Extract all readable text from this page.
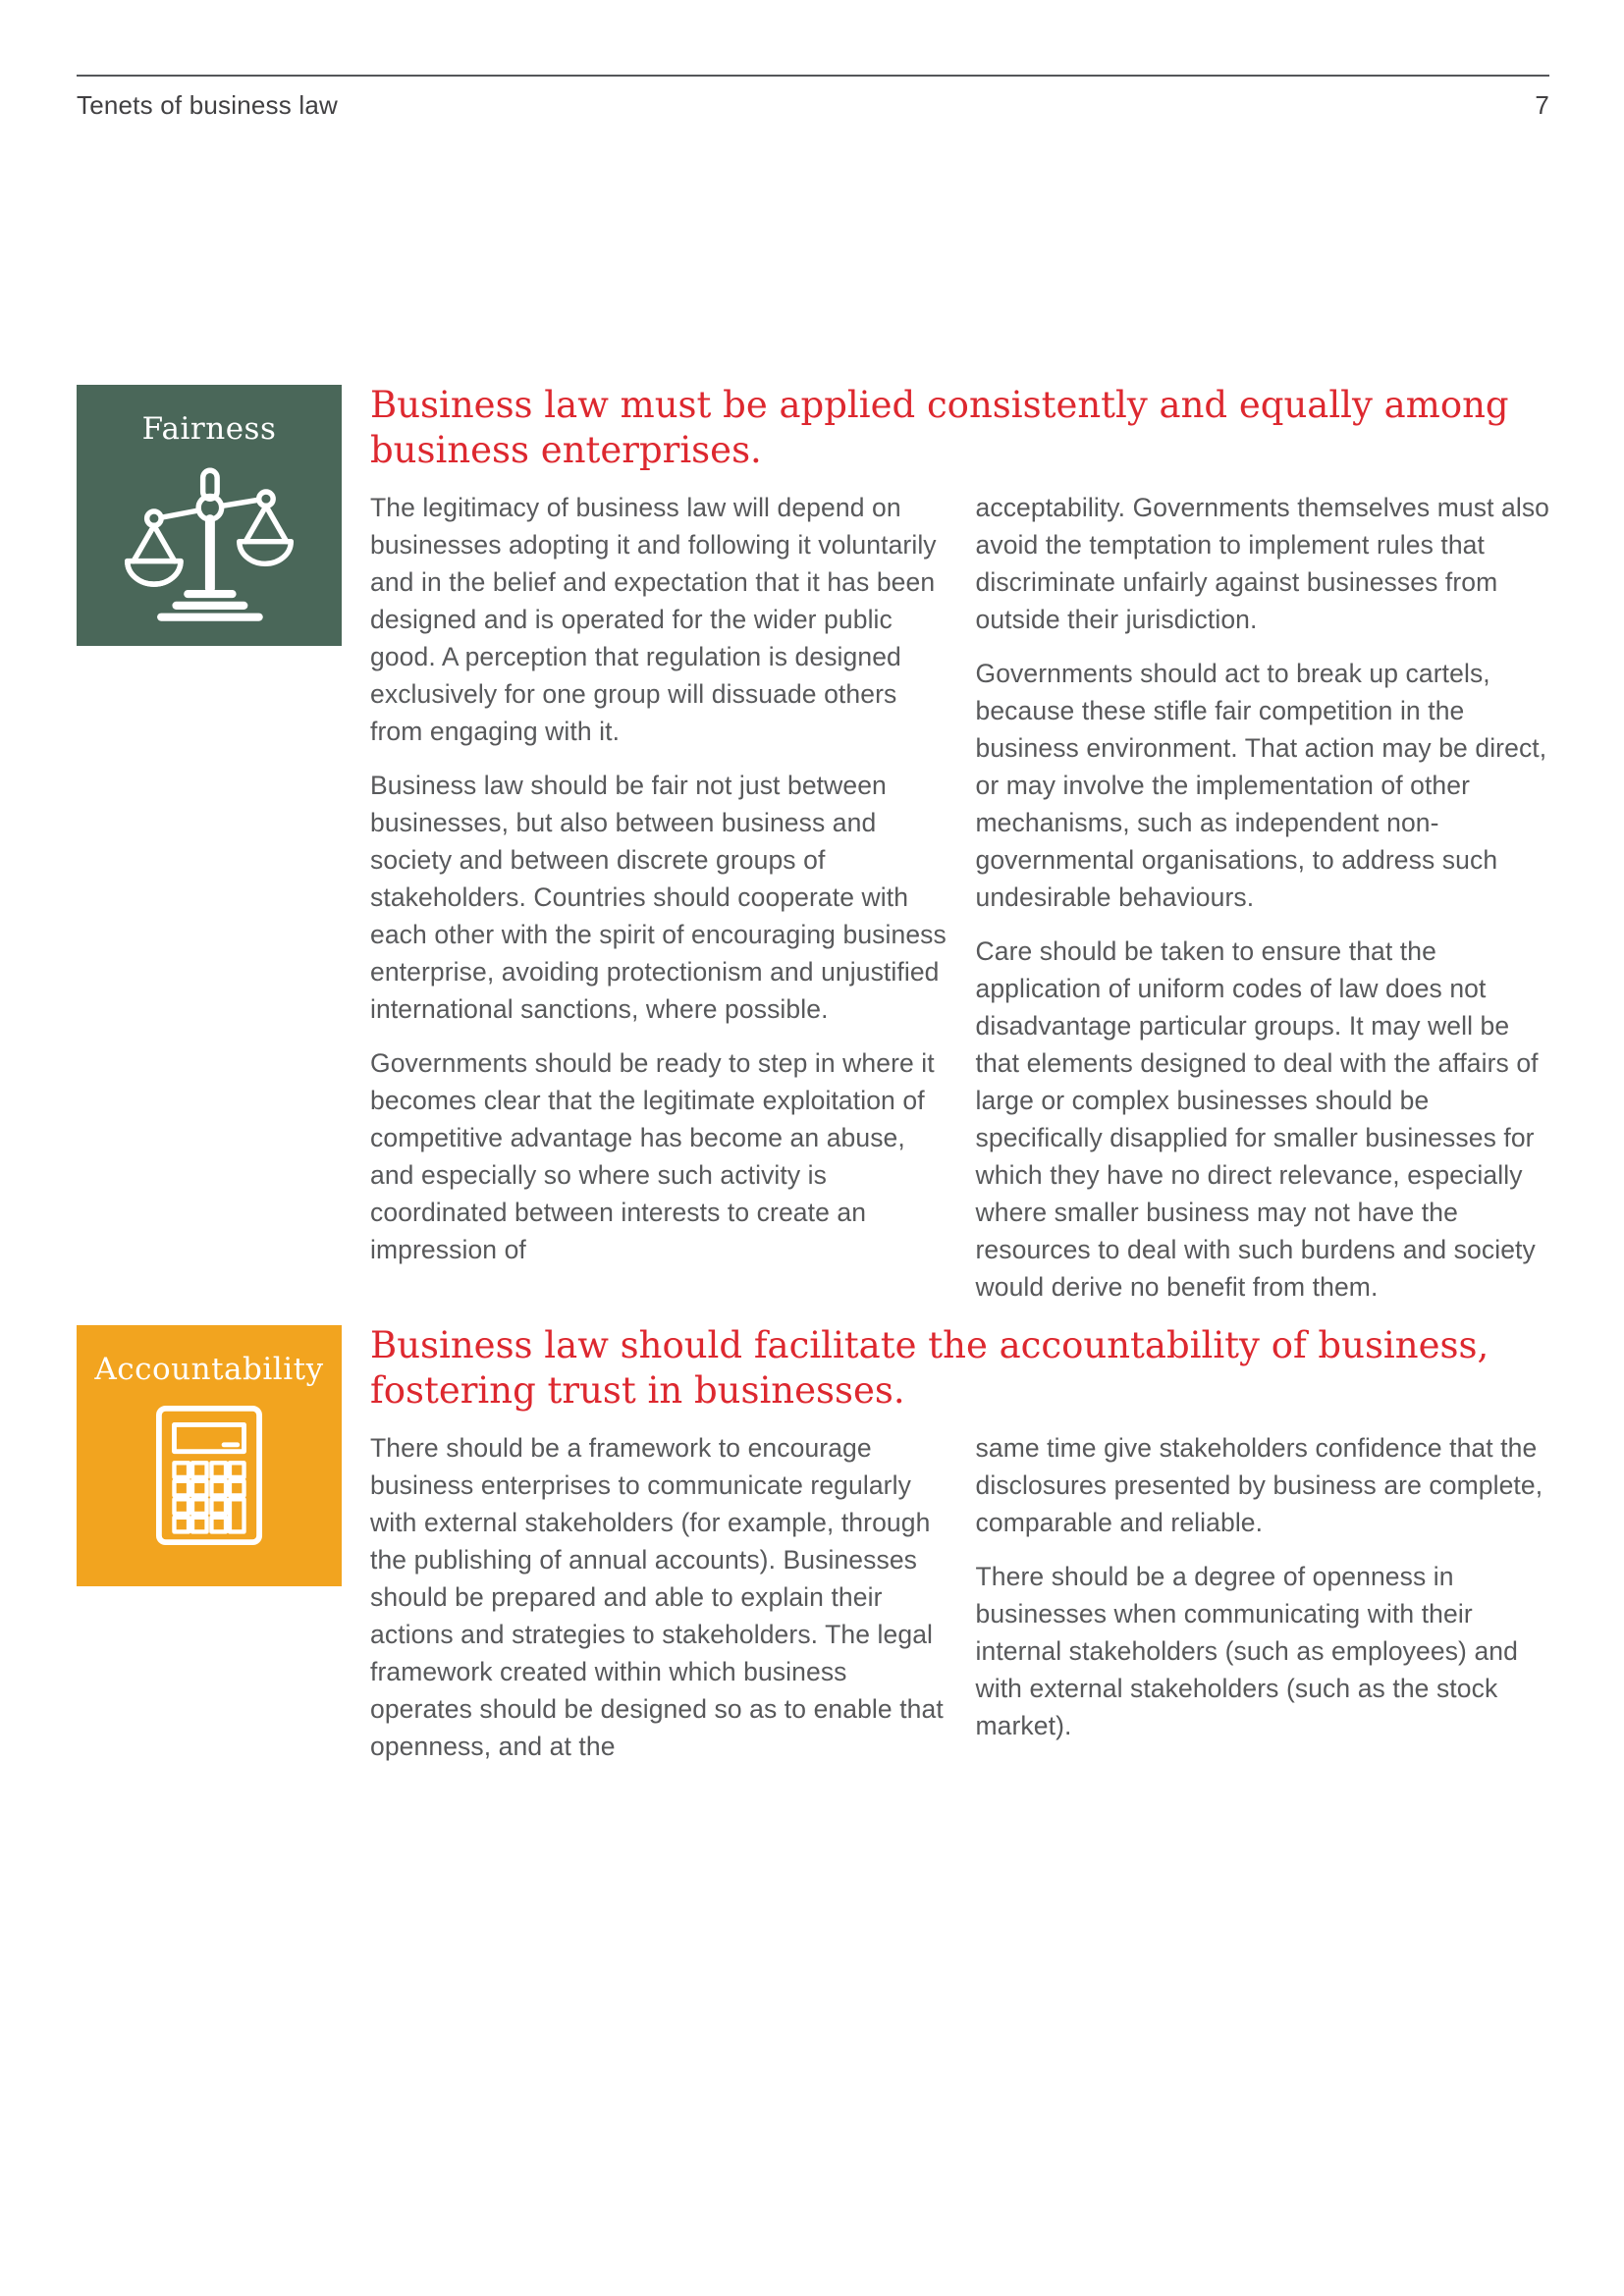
Tenets of business law	7
Fairness
Business law must be applied consistently and equally among business enterprises.

The legitimacy of business law will depend on businesses adopting it and following it voluntarily and in the belief and expectation that it has been designed and is operated for the wider public good. A perception that regulation is designed exclusively for one group will dissuade others from engaging with it.

Business law should be fair not just between businesses, but also between business and society and between discrete groups of stakeholders. Countries should cooperate with each other with the spirit of encouraging business enterprise, avoiding protectionism and unjustified international sanctions, where possible.

Governments should be ready to step in where it becomes clear that the legitimate exploitation of competitive advantage has become an abuse, and especially so where such activity is coordinated between interests to create an impression of

acceptability. Governments themselves must also avoid the temptation to implement rules that discriminate unfairly against businesses from outside their jurisdiction.

Governments should act to break up cartels, because these stifle fair competition in the business environment. That action may be direct, or may involve the implementation of other mechanisms, such as independent non-governmental organisations, to address such undesirable behaviours.

Care should be taken to ensure that the application of uniform codes of law does not disadvantage particular groups. It may well be that elements designed to deal with the affairs of large or complex businesses should be specifically disapplied for smaller businesses for which they have no direct relevance, especially where smaller business may not have the resources to deal with such burdens and society would derive no benefit from them.

Accountability
Business law should facilitate the accountability of business, fostering trust in businesses.

There should be a framework to encourage business enterprises to communicate regularly with external stakeholders (for example, through the publishing of annual accounts). Businesses should be prepared and able to explain their actions and strategies to stakeholders. The legal framework created within which business operates should be designed so as to enable that openness, and at the

same time give stakeholders confidence that the disclosures presented by business are complete, comparable and reliable.

There should be a degree of openness in businesses when communicating with their internal stakeholders (such as employees) and with external stakeholders (such as the stock market).
